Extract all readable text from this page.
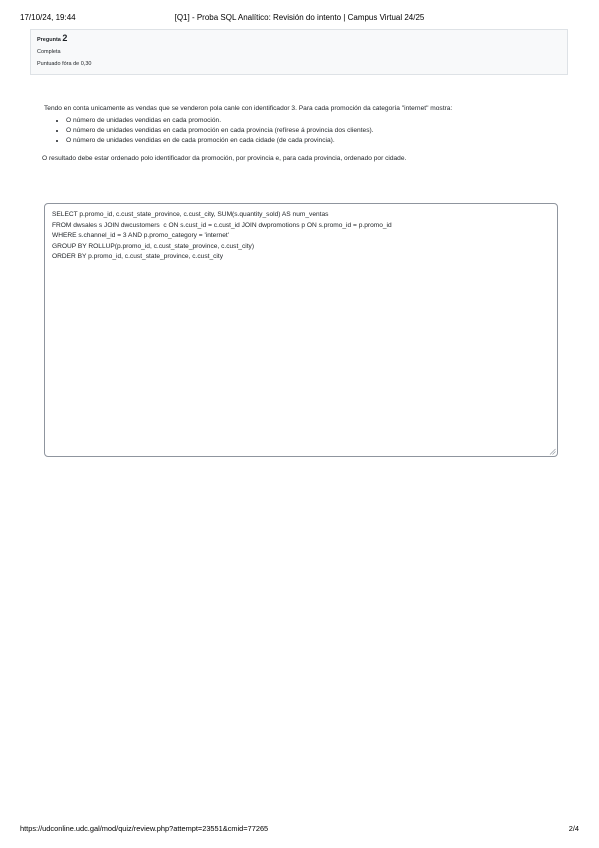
17/10/24, 19:44	[Q1] - Proba SQL Analítico: Revisión do intento | Campus Virtual 24/25
Pregunta 2
Completa
Puntuado fóra de 0,30

Tendo en conta unicamente as vendas que se venderon pola canle con identificador 3. Para cada promoción da categoría "internet" mostra:

• O número de unidades vendidas en cada promoción.
• O número de unidades vendidas en cada promoción en cada provincia (refírese á provincia dos clientes).
• O número de unidades vendidas en de cada promoción en cada cidade (de cada provincia).

O resultado debe estar ordenado polo identificador da promoción, por provincia e, para cada provincia, ordenado por cidade.

SELECT p.promo_id, c.cust_state_province, c.cust_city, SUM(s.quantity_sold) AS num_ventas
FROM dwsales s JOIN dwcustomers  c ON s.cust_id = c.cust_id JOIN dwpromotions p ON s.promo_id = p.promo_id
WHERE s.channel_id = 3 AND p.promo_category = 'internet'
GROUP BY ROLLUP(p.promo_id, c.cust_state_province, c.cust_city)
ORDER BY p.promo_id, c.cust_state_province, c.cust_city
https://udconline.udc.gal/mod/quiz/review.php?attempt=23551&cmid=77265	2/4
